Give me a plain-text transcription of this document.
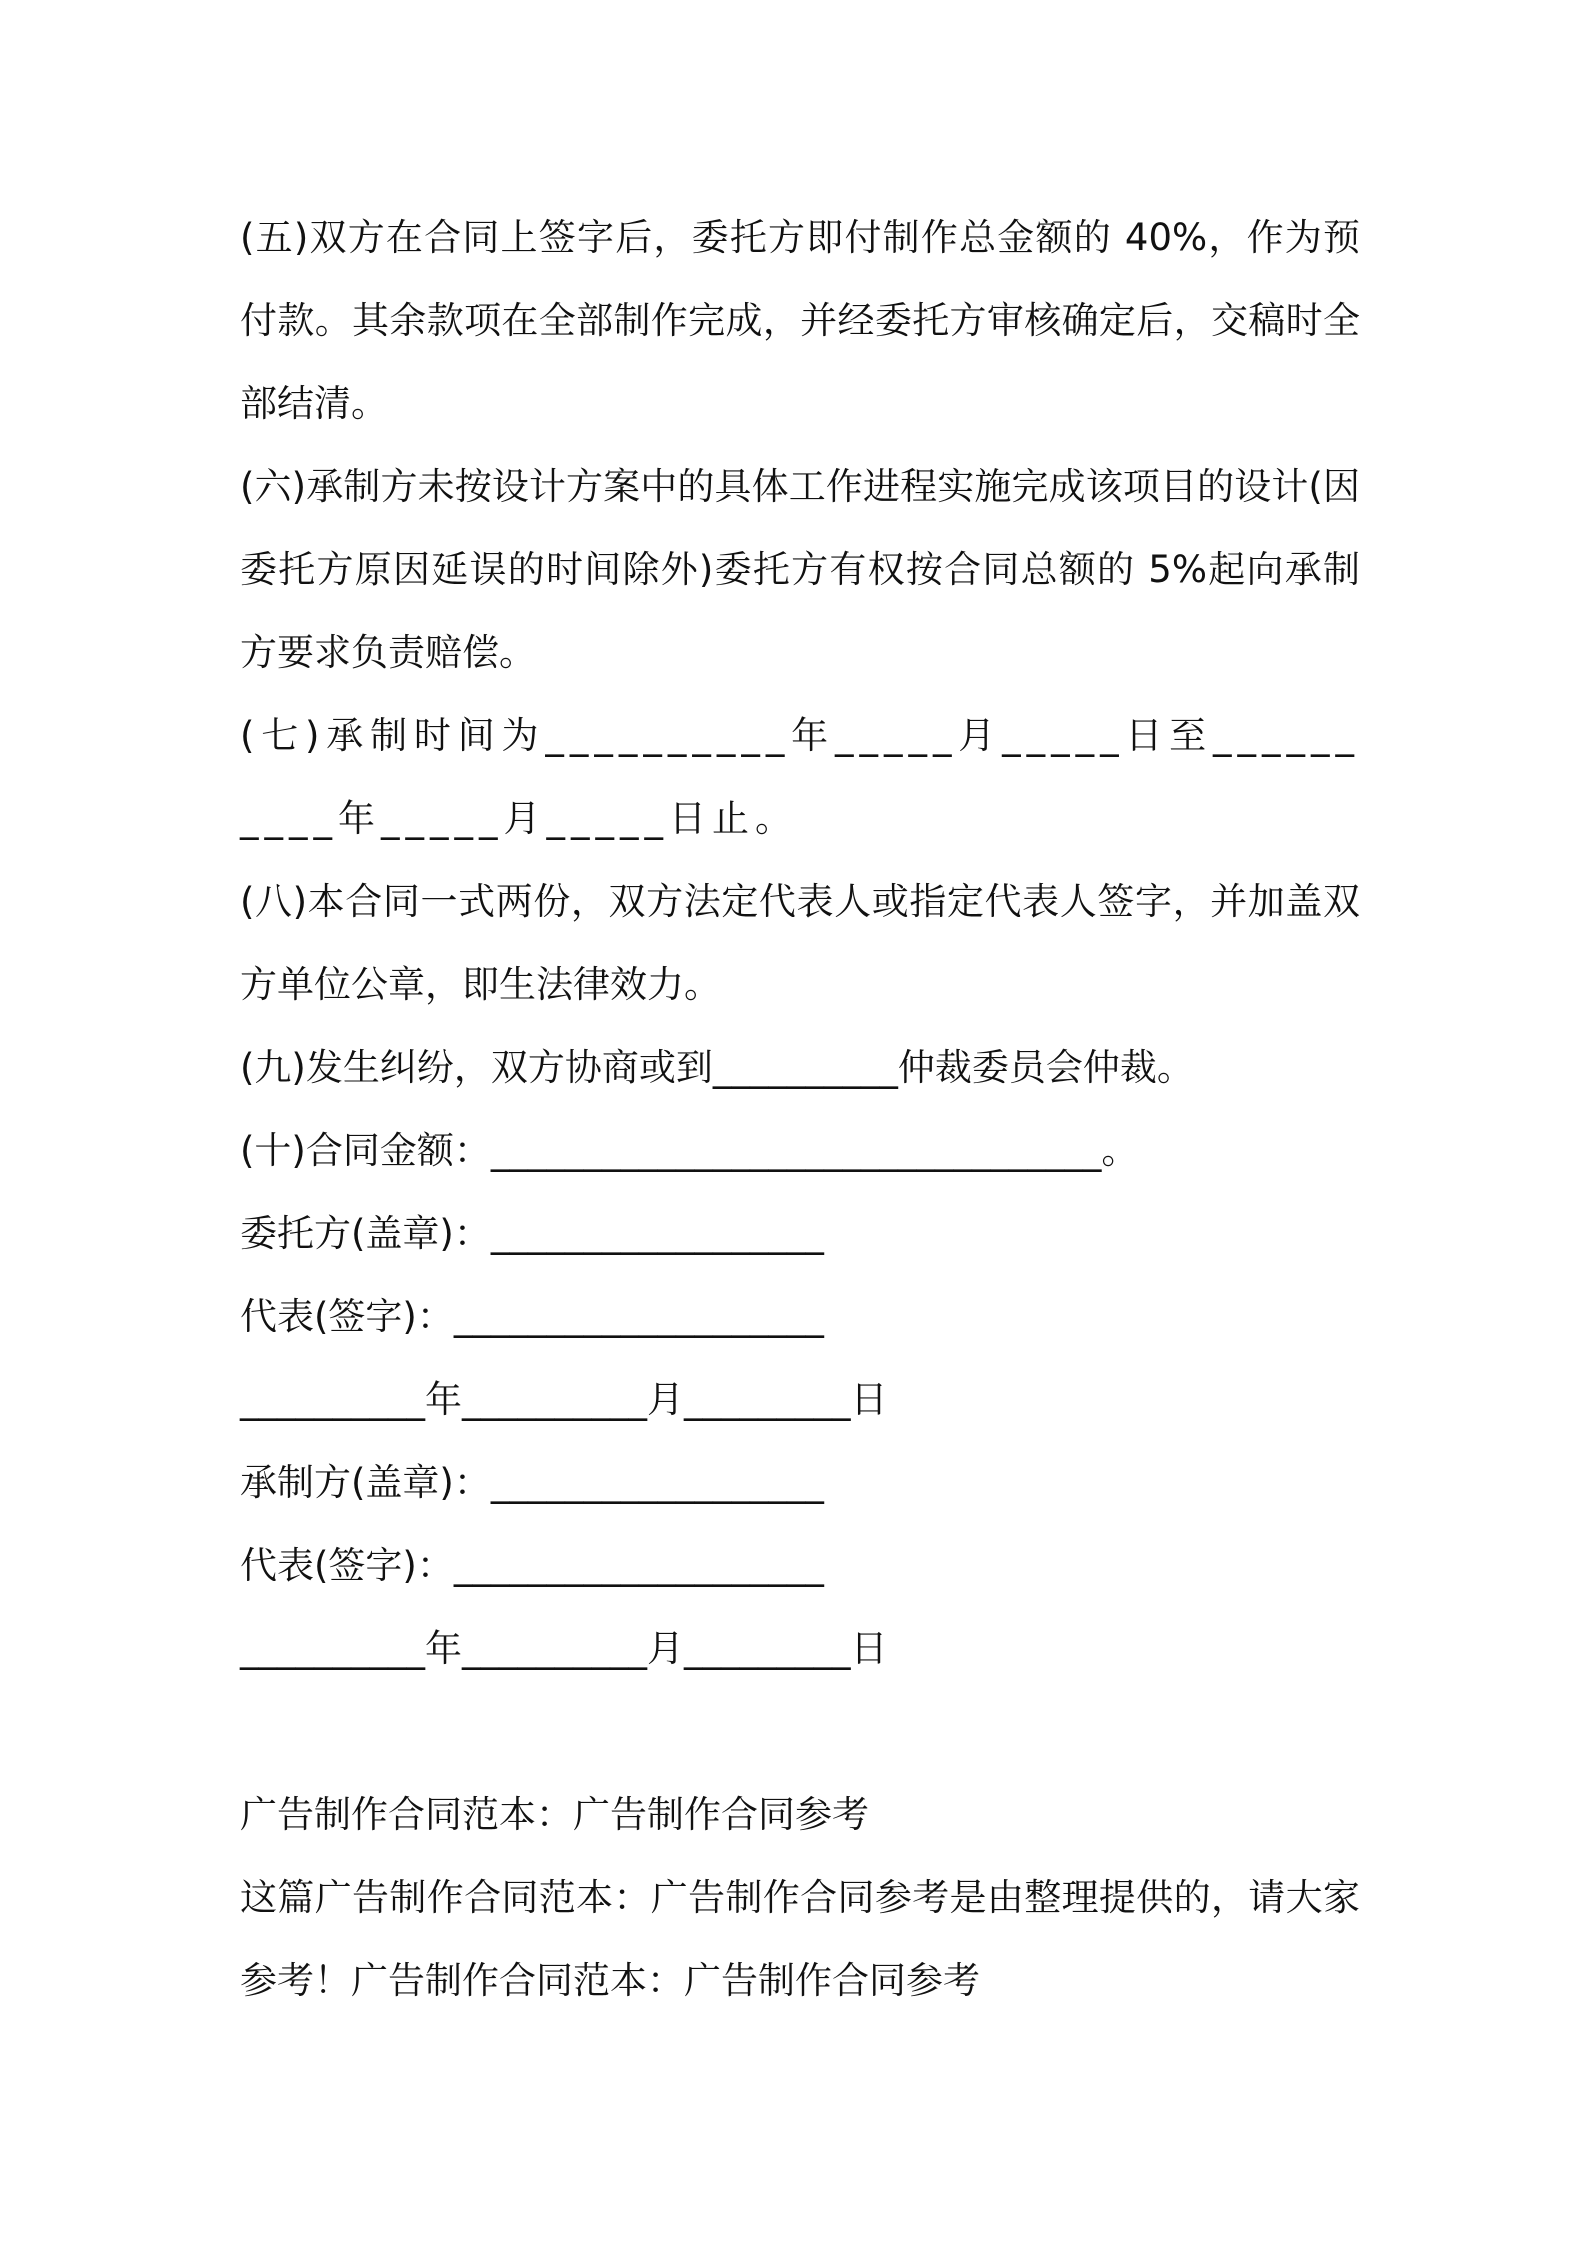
(五)双方在合同上签字后，委托方即付制作总金额的 40%，作为预付款。其余款项在全部制作完成，并经委托方审核确定后，交稿时全部结清。

(六)承制方未按设计方案中的具体工作进程实施完成该项目的设计(因委托方原因延误的时间除外)委托方有权按合同总额的 5%起向承制方要求负责赔偿。

(七)承制时间为__________年_____月_____日至__________年_____月_____日止。

(八)本合同一式两份，双方法定代表人或指定代表人签字，并加盖双方单位公章，即生法律效力。

(九)发生纠纷，双方协商或到__________仲裁委员会仲裁。

(十)合同金额：_________________________________。

委托方(盖章)：__________________

代表(签字)：____________________

__________年__________月_________日

承制方(盖章)：__________________

代表(签字)：____________________

__________年__________月_________日

广告制作合同范本：广告制作合同参考

这篇广告制作合同范本：广告制作合同参考是由整理提供的，请大家参考！广告制作合同范本：广告制作合同参考
